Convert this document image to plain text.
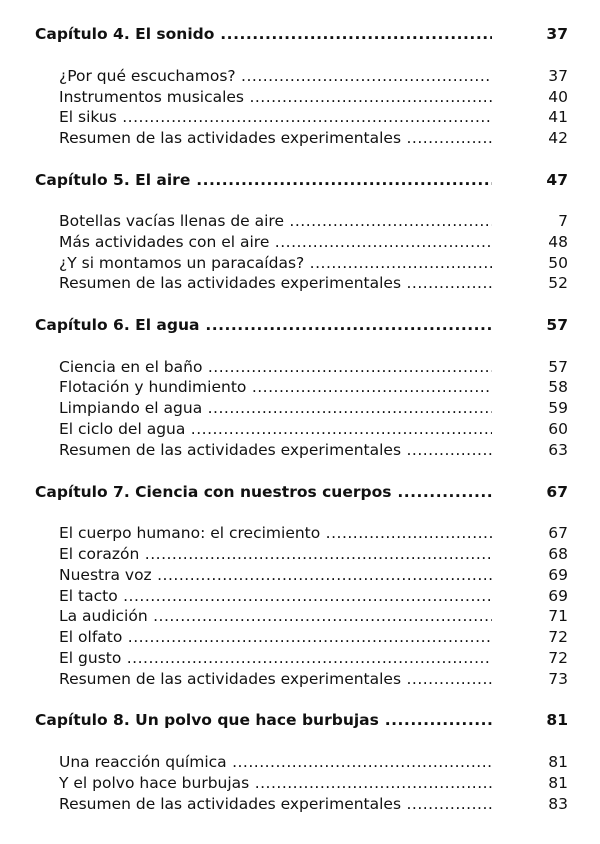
Capítulo 4. El sonido .....	37
¿Por qué escuchamos? .....	37
Instrumentos musicales .....	40
El sikus .....	41
Resumen de las actividades experimentales .....	42
Capítulo 5. El aire .....	47
Botellas vacías llenas de aire .....	7
Más actividades con el aire .....	48
¿Y si montamos un paracaídas? .....	50
Resumen de las actividades experimentales .....	52
Capítulo 6. El agua .....	57
Ciencia en el baño .....	57
Flotación y hundimiento .....	58
Limpiando el agua .....	59
El ciclo del agua .....	60
Resumen de las actividades experimentales .....	63
Capítulo 7. Ciencia con nuestros cuerpos .....	67
El cuerpo humano: el crecimiento .....	67
El corazón .....	68
Nuestra voz .....	69
El tacto .....	69
La audición .....	71
El olfato .....	72
El gusto .....	72
Resumen de las actividades experimentales .....	73
Capítulo 8. Un polvo que hace burbujas .....	81
Una reacción química .....	81
Y el polvo hace burbujas .....	81
Resumen de las actividades experimentales .....	83
